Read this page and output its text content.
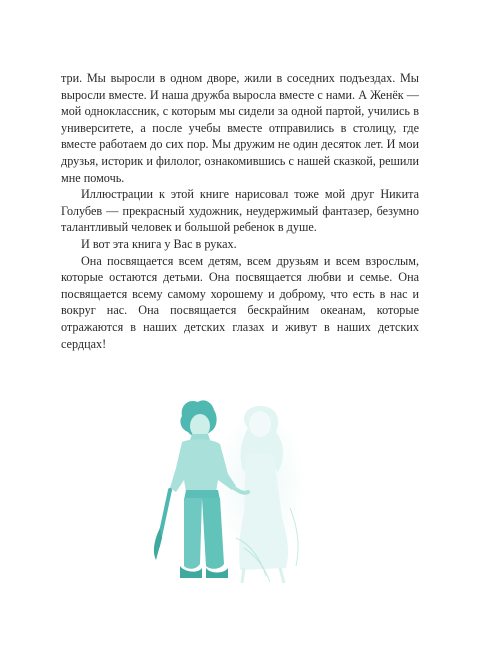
три. Мы выросли в одном дворе, жили в соседних подъездах. Мы выросли вместе. И наша дружба выросла вместе с нами. А Женёк — мой одноклассник, с которым мы сидели за одной партой, учились в университете, а после учебы вместе отправились в столицу, где вместе работаем до сих пор. Мы дружим не один десяток лет. И мои друзья, историк и филолог, ознакомившись с нашей сказкой, решили мне помочь.

Иллюстрации к этой книге нарисовал тоже мой друг Никита Голубев — прекрасный художник, неудержимый фантазер, безумно талантливый человек и большой ребенок в душе.

И вот эта книга у Вас в руках.

Она посвящается всем детям, всем друзьям и всем взрослым, которые остаются детьми. Она посвящается любви и семье. Она посвящается всему самому хорошему и доброму, что есть в нас и вокруг нас. Она посвящается бескрайним океанам, которые отражаются в наших детских глазах и живут в наших детских сердцах!
